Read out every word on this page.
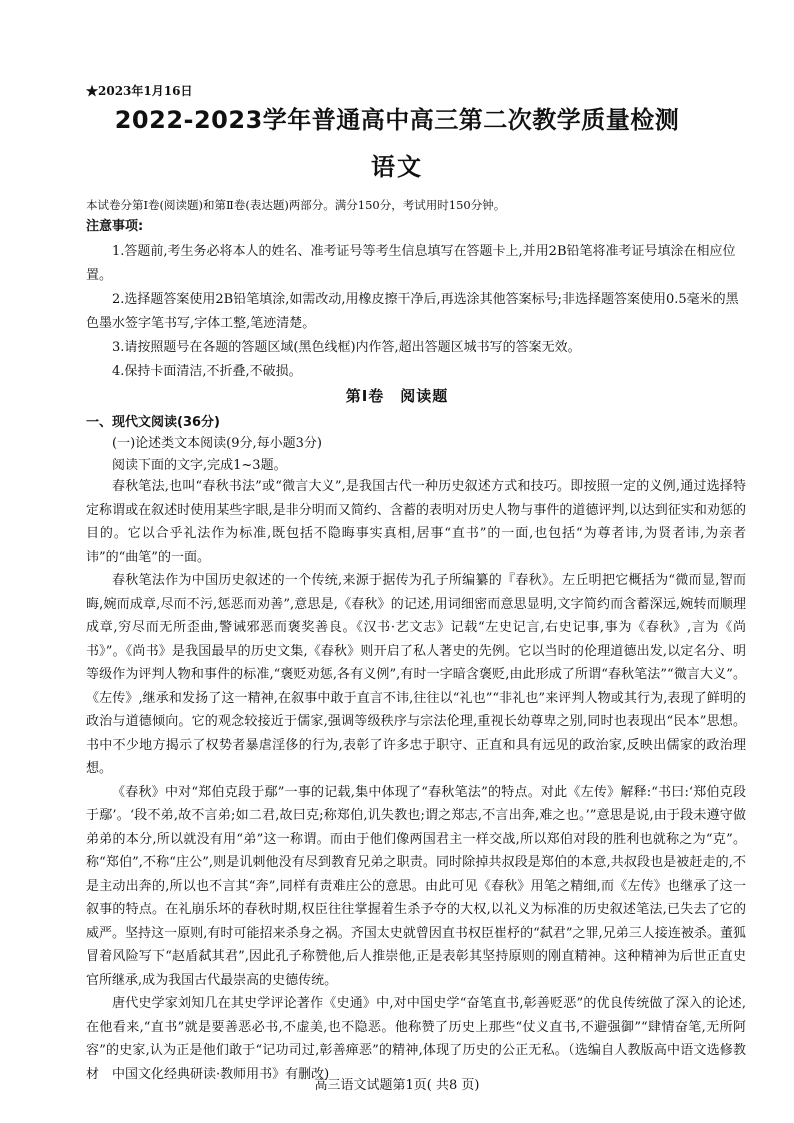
★2023年1月16日
2022-2023学年普通高中高三第二次教学质量检测
语文
本试卷分第Ⅰ卷(阅读题)和第Ⅱ卷(表达题)两部分。满分150分，考试用时150分钟。
注意事项:

1.答题前,考生务必将本人的姓名、准考证号等考生信息填写在答题卡上,并用2B铅笔将准考证号填涂在相应位置。

2.选择题答案使用2B铅笔填涂,如需改动,用橡皮擦干净后,再选涂其他答案标号;非选择题答案使用0.5毫米的黑色墨水签字笔书写,字体工整,笔迹清楚。

3.请按照题号在各题的答题区域(黑色线框)内作答,超出答题区城书写的答案无效。

4.保持卡面清洁,不折叠,不破损。

第Ⅰ卷　阅读题
一、现代文阅读(36分)
(一)论述类文本阅读(9分,每小题3分)
阅读下面的文字,完成1~3题。

春秋笔法,也叫“春秋书法”或“微言大义”,是我国古代一种历史叙述方式和技巧。即按照一定的义例,通过选择特定称谓或在叙述时使用某些字眼,是非分明而又简约、含蓄的表明对历史人物与事件的道德评判,以达到征实和劝惩的目的。它以合乎礼法作为标准,既包括不隐晦事实真相,居事“直书”的一面,也包括“为尊者讳,为贤者讳,为亲者讳”的“曲笔”的一面。

春秋笔法作为中国历史叙述的一个传统,来源于据传为孔子所编纂的『春秋》。左丘明把它概括为“微而显,智而晦,婉而成章,尽而不污,惩恶而劝善”,意思是,《春秋》的记述,用词细密而意思显明,文字简约而含蓄深远,婉转而顺理成章,穷尽而无所歪曲,警诫邪恶而褒奖善良。《汉书·艺文志》记载“左史记言,右史记事,事为《春秋》,言为《尚书》”。《尚书》是我国最早的历史文集,《春秋》则开启了私人著史的先例。它以当时的伦理道德出发,以定名分、明等级作为评判人物和事件的标准,“褒贬劝惩,各有义例”,有时一字暗含褒贬,由此形成了所谓“春秋笔法”“微言大义”。《左传》,继承和发扬了这一精神,在叙事中敢于直言不讳,往往以“礼也”“非礼也”来评判人物或其行为,表现了鲜明的政治与道德倾向。它的观念较接近于儒家,强调等级秩序与宗法伦理,重视长幼尊卑之别,同时也表现出“民本”思想。书中不少地方揭示了权势者暴虐淫侈的行为,表彰了许多忠于职守、正直和具有远见的政治家,反映出儒家的政治理想。

《春秋》中对“郑伯克段于鄢”一事的记载,集中体现了“春秋笔法”的特点。对此《左传》解释:“书曰:‘郑伯克段于鄢’。‘段不弟,故不言弟;如二君,故曰克;称郑伯,讥失教也;谓之郑志,不言出奔,难之也。’”意思是说,由于段未遵守做弟弟的本分,所以就没有用“弟”这一称谓。而由于他们像两国君主一样交战,所以郑伯对段的胜利也就称之为“克”。称“郑伯”,不称“庄公”,则是讥刺他没有尽到教育兄弟之职责。同时除掉共叔段是郑伯的本意,共叔段也是被赶走的,不是主动出奔的,所以也不言其“奔”,同样有责难庄公的意思。由此可见《春秋》用笔之精细,而《左传》也继承了这一叙事的特点。在礼崩乐坏的春秋时期,权臣往往掌握着生杀予夺的大权,以礼义为标准的历史叙述笔法,已失去了它的威严。坚持这一原则,有时可能招来杀身之祸。齐国太史就曾因直书权臣崔杼的“弑君”之罪,兄弟三人接连被杀。董狐冒着风险写下“赵盾弑其君”,因此孔子称赞他,后人推崇他,正是表彰其坚持原则的刚直精神。这种精神为后世正直史官所继承,成为我国古代最崇高的史德传统。

唐代史学家刘知几在其史学评论著作《史通》中,对中国史学“奋笔直书,彰善贬恶”的优良传统做了深入的论述,在他看来,“直书”就是要善恶必书,不虚美,也不隐恶。他称赞了历史上那些“仗义直书,不避强御”“肆情奋笔,无所阿容”的史家,认为正是他们敢于“记功司过,彰善瘅恶”的精神,体现了历史的公正无私。（选编自人教版高中语文选修教材　中国文化经典研读·教师用书》有删改)

高三语文试题第1页( 共8 页)
